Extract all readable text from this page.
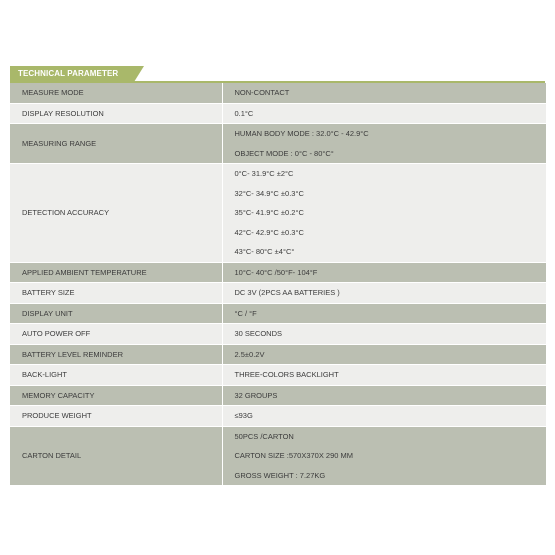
TECHNICAL PARAMETER
MEASURE MODE	NON-CONTACT

DISPLAY RESOLUTION	0.1°C

MEASURING RANGE	HUMAN BODY MODE : 32.0°C - 42.9°C
OBJECT MODE : 0°C - 80°C°

DETECTION ACCURACY	0°C- 31.9°C ±2°C
32°C- 34.9°C ±0.3°C
35°C- 41.9°C ±0.2°C
42°C- 42.9°C ±0.3°C
43°C- 80°C ±4°C°

APPLIED AMBIENT TEMPERATURE	10°C- 40°C /50°F- 104°F

BATTERY SIZE	DC 3V (2PCS AA BATTERIES )

DISPLAY UNIT	°C / °F

AUTO POWER OFF	30 SECONDS

BATTERY LEVEL REMINDER	2.5±0.2V

BACK-LIGHT	THREE-COLORS BACKLIGHT

MEMORY CAPACITY	32 GROUPS

PRODUCE WEIGHT	≤93G

CARTON DETAIL	50PCS /CARTON
CARTON SIZE :570X370X 290 MM
GROSS WEIGHT : 7.27KG
